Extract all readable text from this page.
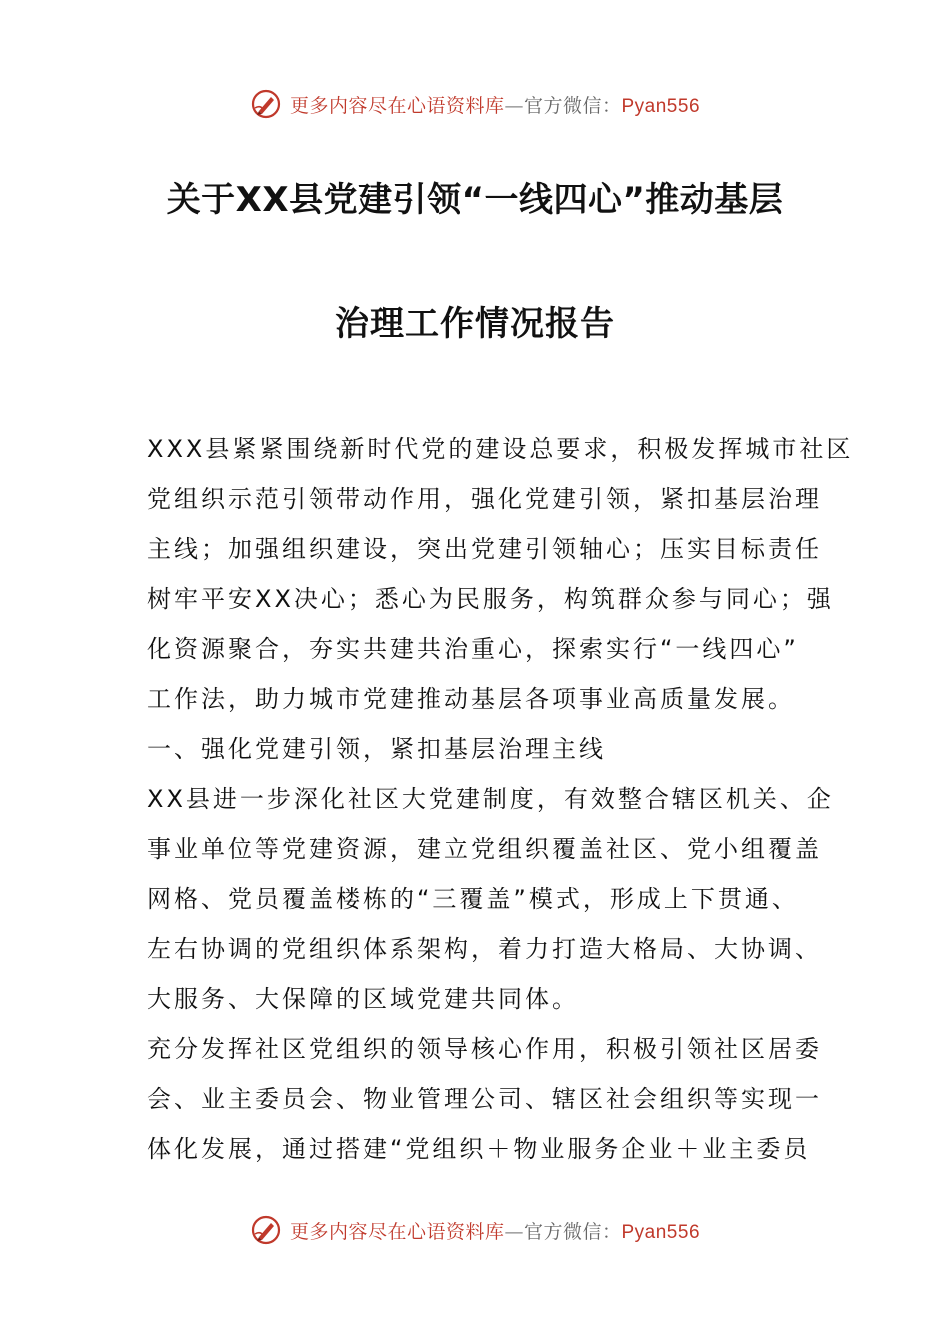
更多内容尽在心语资料库—官方微信：Pyan556
关于XX县党建引领“一线四心”推动基层
治理工作情况报告
XXX县紧紧围绕新时代党的建设总要求，积极发挥城市社区
党组织示范引领带动作用，强化党建引领，紧扣基层治理
主线；加强组织建设，突出党建引领轴心；压实目标责任
树牢平安XX决心；悉心为民服务，构筑群众参与同心；强
化资源聚合，夯实共建共治重心，探索实行“一线四心”
工作法，助力城市党建推动基层各项事业高质量发展。
一、强化党建引领，紧扣基层治理主线
XX县进一步深化社区大党建制度，有效整合辖区机关、企
事业单位等党建资源，建立党组织覆盖社区、党小组覆盖
网格、党员覆盖楼栋的“三覆盖”模式，形成上下贯通、
左右协调的党组织体系架构，着力打造大格局、大协调、
大服务、大保障的区域党建共同体。
充分发挥社区党组织的领导核心作用，积极引领社区居委
会、业主委员会、物业管理公司、辖区社会组织等实现一
体化发展，通过搭建“党组织＋物业服务企业＋业主委员
更多内容尽在心语资料库—官方微信：Pyan556
